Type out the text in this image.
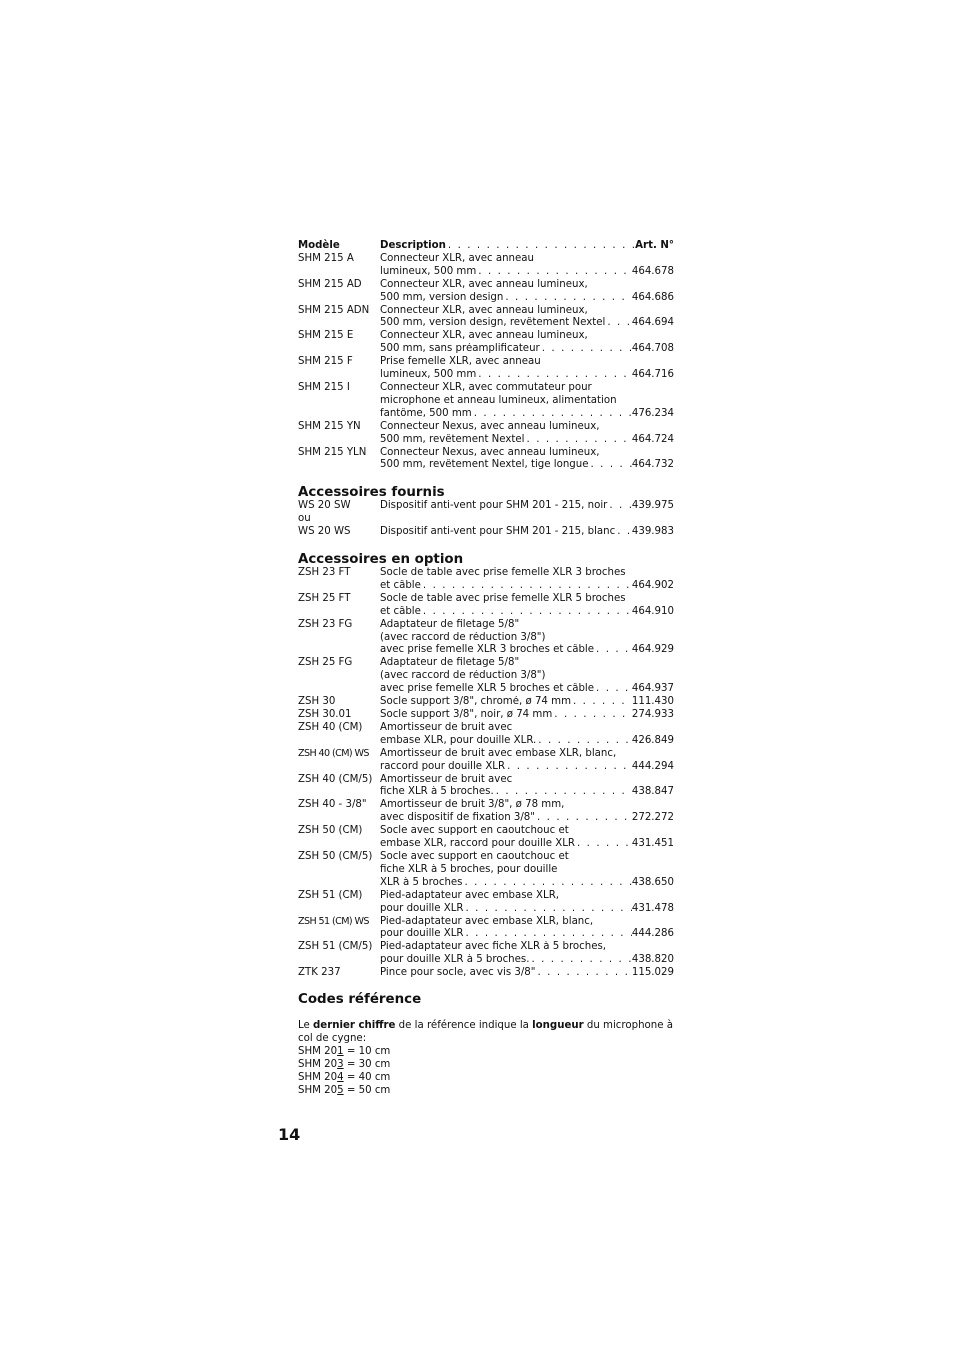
Modèle	Description . . .	Art. N°
SHM 215 A	Connecteur XLR, avec anneau
lumineux, 500 mm . . .	464.678
SHM 215 AD	Connecteur XLR, avec anneau lumineux,
500 mm, version design . . .	464.686
SHM 215 ADN	Connecteur XLR, avec anneau lumineux,
500 mm, version design, revêtement Nextel . . .	464.694
SHM 215 E	Connecteur XLR, avec anneau lumineux,
500 mm, sans préamplificateur . . .	464.708
SHM 215 F	Prise femelle XLR, avec anneau
lumineux, 500 mm . . .	464.716
SHM 215 I	Connecteur XLR, avec commutateur pour
microphone et anneau lumineux, alimentation
fantôme, 500 mm . . .	476.234
SHM 215 YN	Connecteur Nexus, avec anneau lumineux,
500 mm, revêtement Nextel . . .	464.724
SHM 215 YLN	Connecteur Nexus, avec anneau lumineux,
500 mm, revêtement Nextel, tige longue . . .	464.732
Accessoires fournis
WS 20 SW	Dispositif anti-vent pour SHM 201 - 215, noir . . . 439.975
ou
WS 20 WS	Dispositif anti-vent pour SHM 201 - 215, blanc . . . 439.983
Accessoires en option
ZSH 23 FT	Socle de table avec prise femelle XLR 3 broches
et câble . . .	464.902
ZSH 25 FT	Socle de table avec prise femelle XLR 5 broches
et câble . . .	464.910
ZSH 23 FG	Adaptateur de filetage 5/8"
(avec raccord de réduction 3/8")
avec prise femelle XLR 3 broches et câble . . .	464.929
ZSH 25 FG	Adaptateur de filetage 5/8"
(avec raccord de réduction 3/8")
avec prise femelle XLR 5 broches et câble . . .	464.937
ZSH 30	Socle support 3/8", chromé, ø 74 mm . . .	111.430
ZSH 30.01	Socle support 3/8", noir, ø 74 mm . . .	274.933
ZSH 40 (CM)	Amortisseur de bruit avec
embase XLR, pour douille XLR. . . .	426.849
ZSH 40 (CM) WS	Amortisseur de bruit avec embase XLR, blanc,
raccord pour douille XLR . . .	444.294
ZSH 40 (CM/5) Amortisseur de bruit avec
fiche XLR à 5 broches. . . .	438.847
ZSH 40 - 3/8"	Amortisseur de bruit 3/8", ø 78 mm,
avec dispositif de fixation 3/8" . . .	272.272
ZSH 50 (CM)	Socle avec support en caoutchouc et
embase XLR, raccord pour douille XLR . . .	431.451
ZSH 50 (CM/5) Socle avec support en caoutchouc et
fiche XLR à 5 broches, pour douille
XLR à 5 broches . . .	438.650
ZSH 51 (CM)	Pied-adaptateur avec embase XLR,
pour douille XLR . . .	431.478
ZSH 51 (CM) WS	Pied-adaptateur avec embase XLR, blanc,
pour douille XLR . . .	444.286
ZSH 51 (CM/5) Pied-adaptateur avec fiche XLR à 5 broches,
pour douille XLR à 5 broches. . . .	438.820
ZTK 237	Pince pour socle, avec vis 3/8" . . .	115.029
Codes référence
Le dernier chiffre de la référence indique la longueur du microphone à col de cygne:
SHM 201 = 10 cm
SHM 203 = 30 cm
SHM 204 = 40 cm
SHM 205 = 50 cm
14
